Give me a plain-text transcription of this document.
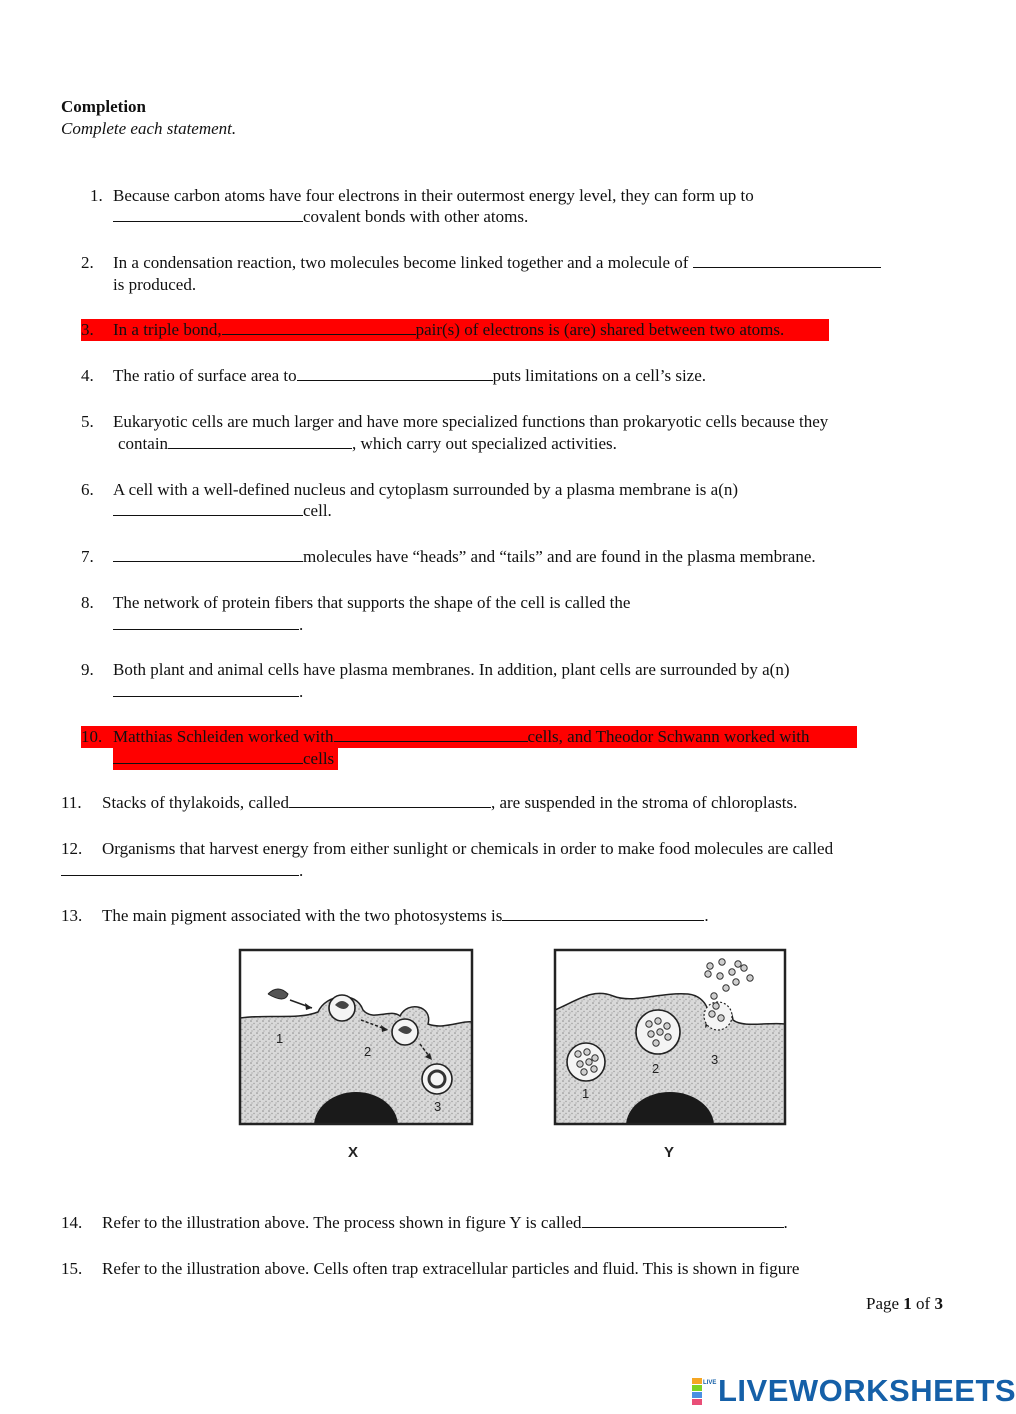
Completion
Complete each statement.
1. Because carbon atoms have four electrons in their outermost energy level, they can form up to
covalent bonds with other atoms.
2. In a condensation reaction, two molecules become linked together and a molecule of
is produced.
3. In a triple bond,	pair(s) of electrons is (are) shared between two atoms.
4. The ratio of surface area to	puts limitations on a cell’s size.
5. Eukaryotic cells are much larger and have more specialized functions than prokaryotic cells because they
contain	, which carry out specialized activities.
6. A cell with a well-defined nucleus and cytoplasm surrounded by a plasma membrane is a(n)
cell.
7.	molecules have “heads” and “tails” and are found in the plasma membrane.
8. The network of protein fibers that supports the shape of the cell is called the
.
9. Both plant and animal cells have plasma membranes. In addition, plant cells are surrounded by a(n)
.
10. Matthias Schleiden worked with	cells, and Theodor Schwann worked with
cells
11. Stacks of thylakoids, called	, are suspended in the stroma of chloroplasts.
12. Organisms that harvest energy from either sunlight or chemicals in order to make food molecules are called
.
13. The main pigment associated with the two photosystems is	.
1
2
3
X
1
2
3
Y
14. Refer to the illustration above. The process shown in figure Y is called	.
15. Refer to the illustration above. Cells often trap extracellular particles and fluid. This is shown in figure
Page 1 of 3
LIVE LIVEWORKSHEETS
